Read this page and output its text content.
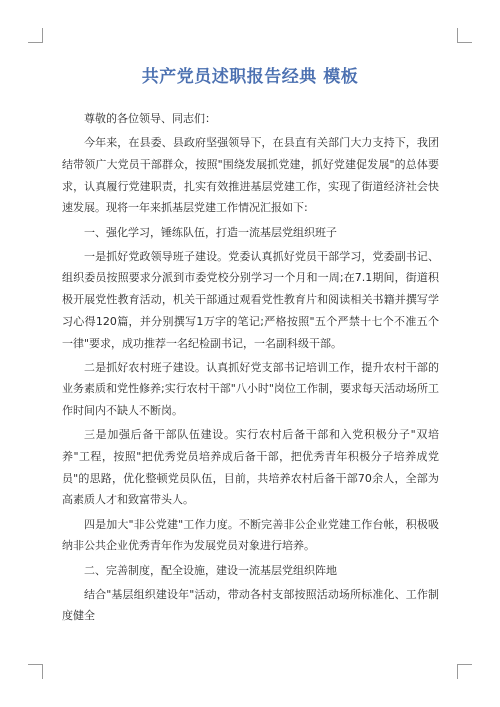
共产党员述职报告经典 模板

尊敬的各位领导、同志们：

今年来，在县委、县政府坚强领导下，在县直有关部门大力支持下，我团结带领广大党员干部群众，按照"围绕发展抓党建，抓好党建促发展"的总体要求，认真履行党建职责，扎实有效推进基层党建工作，实现了街道经济社会快速发展。现将一年来抓基层党建工作情况汇报如下:

一、强化学习，锤练队伍，打造一流基层党组织班子

一是抓好党政领导班子建设。党委认真抓好党员干部学习，党委副书记、组织委员按照要求分派到市委党校分别学习一个月和一周;在7.1期间，街道积极开展党性教育活动，机关干部通过观看党性教育片和阅读相关书籍并撰写学习心得120篇，并分别撰写1万字的笔记;严格按照"五个严禁十七个不准五个一律"要求，成功推荐一名纪检副书记，一名副科级干部。

二是抓好农村班子建设。认真抓好党支部书记培训工作，提升农村干部的业务素质和党性修养;实行农村干部"八小时"岗位工作制，要求每天活动场所工作时间内不缺人不断岗。

三是加强后备干部队伍建设。实行农村后备干部和入党积极分子"双培养"工程，按照"把优秀党员培养成后备干部，把优秀青年积极分子培养成党员"的思路，优化整顿党员队伍，目前，共培养农村后备干部70余人，全部为高素质人才和致富带头人。

四是加大"非公党建"工作力度。不断完善非公企业党建工作台帐，积极吸纳非公共企业优秀青年作为发展党员对象进行培养。

二、完善制度，配全设施，建设一流基层党组织阵地

结合"基层组织建设年"活动，带动各村支部按照活动场所标准化、工作制度健全
